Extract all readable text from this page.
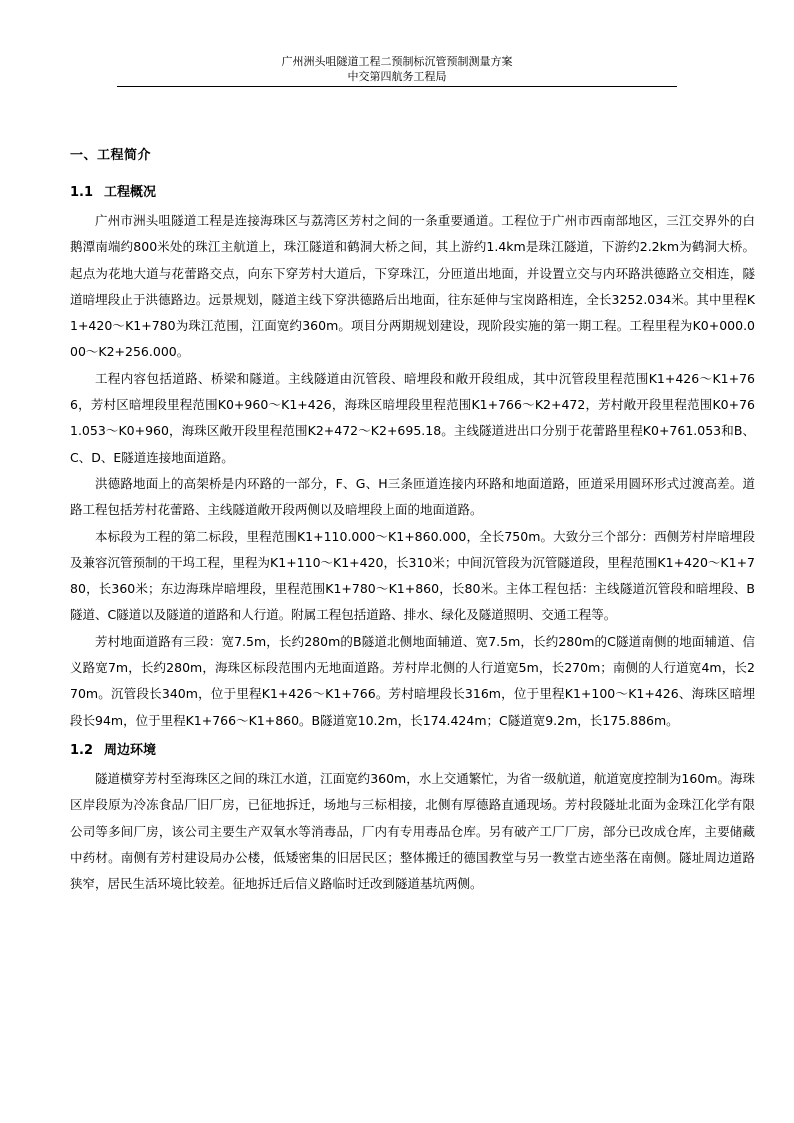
广州洲头咀隧道工程二预制标沉管预制测量方案
中交第四航务工程局
一、工程简介
1.1 工程概况

广州市洲头咀隧道工程是连接海珠区与荔湾区芳村之间的一条重要通道。工程位于广州市西南部地区，三江交界外的白鹅潭南端约800米处的珠江主航道上，珠江隧道和鹤洞大桥之间，其上游约1.4km是珠江隧道，下游约2.2km为鹤洞大桥。起点为花地大道与花蕾路交点，向东下穿芳村大道后，下穿珠江，分匝道出地面，并设置立交与内环路洪德路立交相连，隧道暗埋段止于洪德路边。远景规划，隧道主线下穿洪德路后出地面，往东延伸与宝岗路相连，全长3252.034米。其中里程K1+420～K1+780为珠江范围，江面宽约360m。项目分两期规划建设，现阶段实施的第一期工程。工程里程为K0+000.000～K2+256.000。

工程内容包括道路、桥梁和隧道。主线隧道由沉管段、暗埋段和敞开段组成，其中沉管段里程范围K1+426～K1+766，芳村区暗埋段里程范围K0+960～K1+426，海珠区暗埋段里程范围K1+766～K2+472，芳村敞开段里程范围K0+761.053～K0+960，海珠区敞开段里程范围K2+472～K2+695.18。主线隧道进出口分别于花蕾路里程K0+761.053和B、C、D、E隧道连接地面道路。

洪德路地面上的高架桥是内环路的一部分，F、G、H三条匝道连接内环路和地面道路，匝道采用圆环形式过渡高差。道路工程包括芳村花蕾路、主线隧道敞开段两侧以及暗埋段上面的地面道路。

本标段为工程的第二标段，里程范围K1+110.000～K1+860.000，全长750m。大致分三个部分：西侧芳村岸暗埋段及兼容沉管预制的干坞工程，里程为K1+110～K1+420，长310米；中间沉管段为沉管隧道段，里程范围K1+420～K1+780，长360米；东边海珠岸暗埋段，里程范围K1+780～K1+860，长80米。主体工程包括：主线隧道沉管段和暗埋段、B隧道、C隧道以及隧道的道路和人行道。附属工程包括道路、排水、绿化及隧道照明、交通工程等。

芳村地面道路有三段：宽7.5m，长约280m的B隧道北侧地面辅道、宽7.5m，长约280m的C隧道南侧的地面辅道、信义路宽7m，长约280m，海珠区标段范围内无地面道路。芳村岸北侧的人行道宽5m，长270m；南侧的人行道宽4m，长270m。沉管段长340m，位于里程K1+426～K1+766。芳村暗埋段长316m，位于里程K1+100～K1+426、海珠区暗埋段长94m，位于里程K1+766～K1+860。B隧道宽10.2m，长174.424m；C隧道宽9.2m，长175.886m。

1.2 周边环境

隧道横穿芳村至海珠区之间的珠江水道，江面宽约360m，水上交通繁忙，为省一级航道，航道宽度控制为160m。海珠区岸段原为冷冻食品厂旧厂房，已征地拆迁，场地与三标相接，北侧有厚德路直通现场。芳村段隧址北面为金珠江化学有限公司等多间厂房，该公司主要生产双氧水等消毒品，厂内有专用毒品仓库。另有破产工厂厂房，部分已改成仓库，主要储藏中药材。南侧有芳村建设局办公楼，低矮密集的旧居民区；整体搬迁的德国教堂与另一教堂古迹坐落在南侧。隧址周边道路狭窄，居民生活环境比较差。征地拆迁后信义路临时迁改到隧道基坑两侧。
